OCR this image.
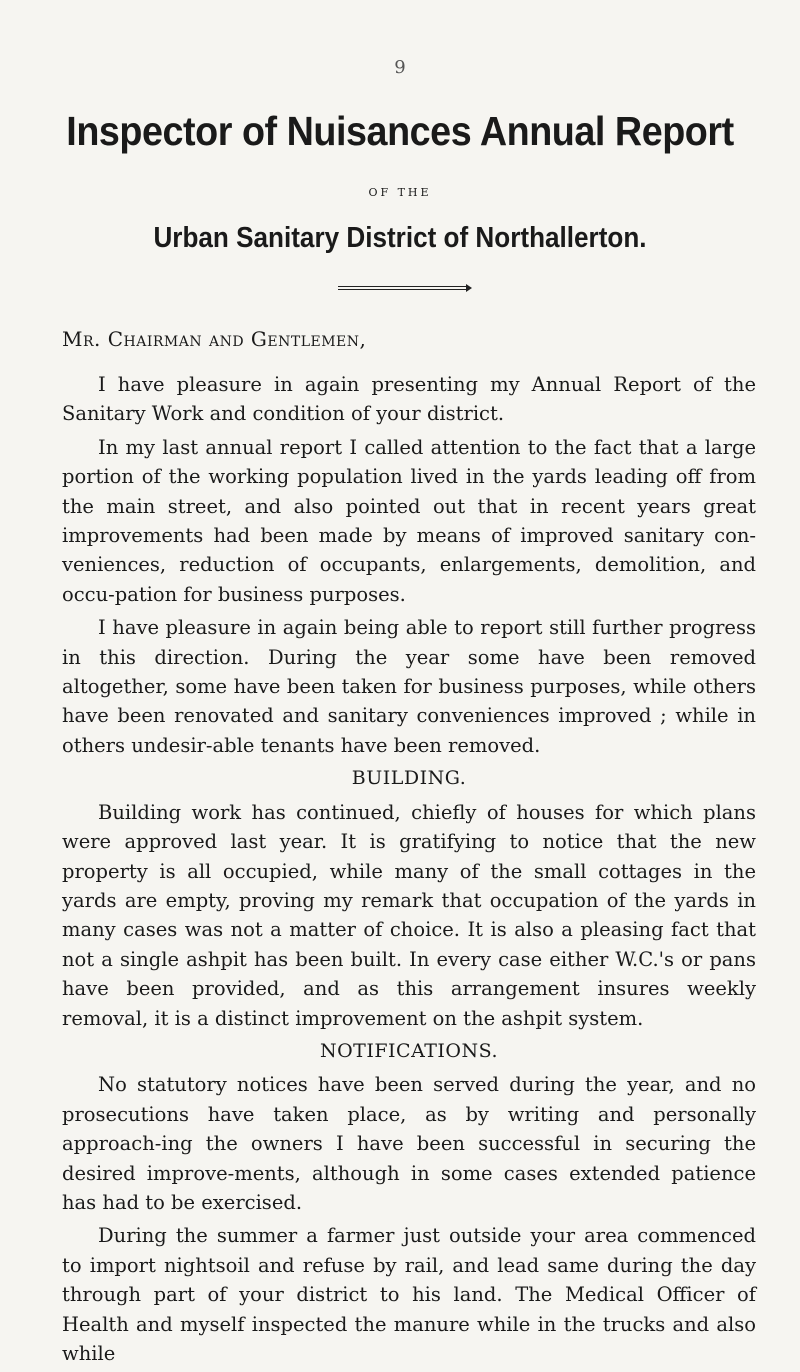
9
Inspector of Nuisances Annual Report
OF THE
Urban Sanitary District of Northallerton.
Mr. Chairman and Gentlemen,

I have pleasure in again presenting my Annual Report of the Sanitary Work and condition of your district.

In my last annual report I called attention to the fact that a large portion of the working population lived in the yards leading off from the main street, and also pointed out that in recent years great improvements had been made by means of improved sanitary con-veniences, reduction of occupants, enlargements, demolition, and occu-pation for business purposes.

I have pleasure in again being able to report still further progress in this direction. During the year some have been removed altogether, some have been taken for business purposes, while others have been renovated and sanitary conveniences improved ; while in others undesir-able tenants have been removed.

BUILDING.

Building work has continued, chiefly of houses for which plans were approved last year. It is gratifying to notice that the new property is all occupied, while many of the small cottages in the yards are empty, proving my remark that occupation of the yards in many cases was not a matter of choice. It is also a pleasing fact that not a single ashpit has been built. In every case either W.C.'s or pans have been provided, and as this arrangement insures weekly removal, it is a distinct improvement on the ashpit system.

NOTIFICATIONS.

No statutory notices have been served during the year, and no prosecutions have taken place, as by writing and personally approach-ing the owners I have been successful in securing the desired improve-ments, although in some cases extended patience has had to be exercised.

During the summer a farmer just outside your area commenced to import nightsoil and refuse by rail, and lead same during the day through part of your district to his land. The Medical Officer of Health and myself inspected the manure while in the trucks and also while
